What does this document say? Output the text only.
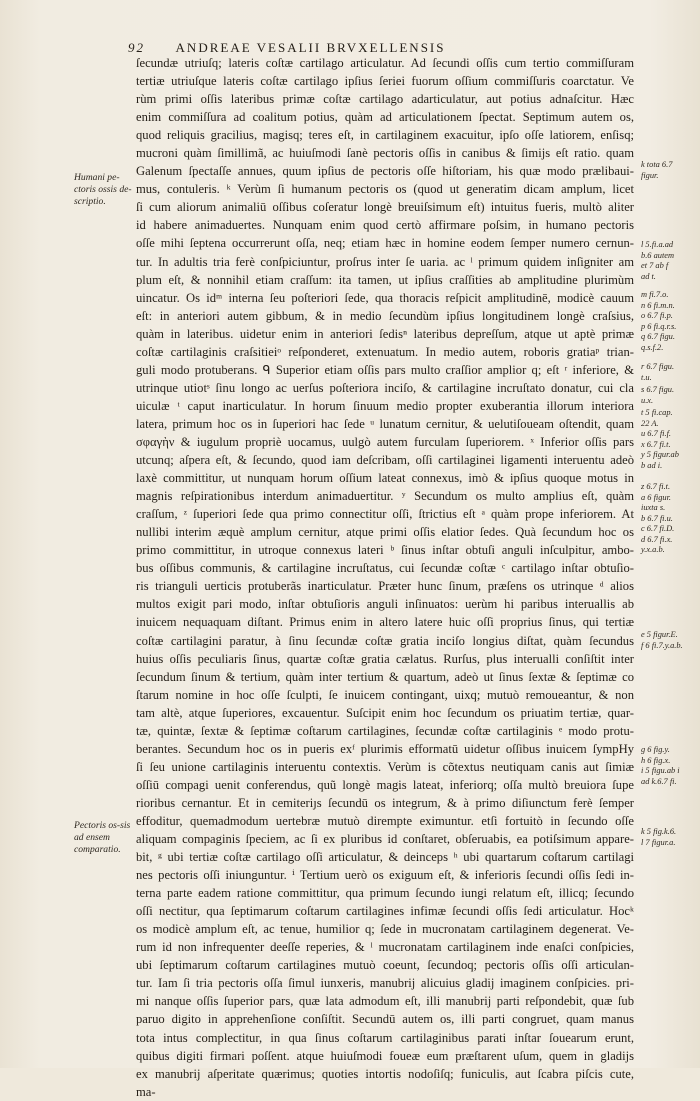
92 ANDREAE VESALII BRVXELLENSIS
Humani pe-ctoris ossis de-scriptio.
Pectoris os-sis ad ensem comparatio.
k tota 6.7
figur.
l 5.fi.a.ad
b.6 autem
et 7 ab f
ad t.
m fi.7.o.
n 6 fi.m.n.
o 6.7 fi.p.
p 6 fi.q.r.s.
q 6.7 figu.
q.s.f.2.
r 6.7 figu.
t.u.
s 6.7 figu.
u.x.
t 5 fi.cap.
22 A.
u 6.7 fi.f.
x 6.7 fi.t.
y 5 figur.ab
b ad i.
z 6.7 fi.t.
a 6 figur.
iuxta s.
b 6.7 fi.u.
c 6.7 fi.D.
d 6.7 fi.x.
y.x.a.b.
e 5 figur.E.
f 6 fi.7.y.a.b.
g 6 fig.y.
h 6 fig.x.
i 5 figu.ab i
ad k.6.7 fi.
k 5 fig.k.6.
l 7 figur.a.
ſecundæ utriuſq; lateris coſtæ cartilago articulatur. Ad ſecundi oſſis cum tertio commiſſuram
tertiæ utriuſque lateris coſtæ cartilago ipſius ſeriei fuorum oſſium commiſſuris coarctatur. Ve
rùm primi oſſis lateribus primæ coſtæ cartilago adarticulatur, aut potius adnaſcitur. Hæc
enim commiſſura ad coalitum potius, quàm ad articulationem ſpectat. Septimum autem os,
quod reliquis gracilius, magisq; teres eſt, in cartilaginem exacuitur, ipſo oſſe latiorem, enſisq;
mucroni quàm ſimillimã, ac huiuſmodi ſanè pectoris oſſis in canibus & ſimijs eſt ratio. quam
Galenum ſpectaſſe annues, quum ipſius de pectoris oſſe hiſtoriam, his quæ modo prælibaui-
mus, contuleris. ᵏ Verùm ſi humanum pectoris os (quod ut generatim dicam amplum, licet
ſi cum aliorum animaliū oſſibus coſeratur longè breuiſsimum eſt) intuitus fueris, multò aliter
id habere animaduertes. Nunquam enim quod certò affirmare poſsim, in humano pectoris
oſſe mihi ſeptena occurrerunt oſſa, neq; etiam hæc in homine eodem ſemper numero cernun-
tur. In adultis tria ferè conſpiciuntur, proſrus inter ſe uaria. ac ˡ primum quidem inſigniter am
plum eſt, & nonnihil etiam craſſum: ita tamen, ut ipſius craſſities ab amplitudine plurimùm
uincatur. Os idᵐ interna ſeu poſteriori ſede, qua thoracis reſpicit amplitudinē, modicè cauum
eſt: in anteriori autem gibbum, & in medio ſecundùm ipſius longitudinem longè craſsius,
quàm in lateribus. uidetur enim in anteriori ſedisⁿ lateribus depreſſum, atque ut aptè primæ
coſtæ cartilaginis craſsitieiᵒ reſponderet, extenuatum. In medio autem, roboris gratiaᵖ trian-
guli modo protuberans. ᑫ Superior etiam oſſis pars multo craſſior amplior q; eſt ʳ inferiore, &
utrinque utiotˢ ſinu longo ac uerſus poſteriora inciſo, & cartilagine incruſtato donatur, cui cla
uiculæ ᵗ caput inarticulatur. In horum ſinuum medio propter exuberantia illorum interiora
latera, primum hoc os in ſuperiori hac ſede ᵘ lunatum cernitur, & uelutiſoueam oſtendit, quam
σφαγὴν & iugulum propriè uocamus, uulgò autem furculam ſuperiorem. ˣ Inferior oſſis pars
utcunq; aſpera eſt, & ſecundo, quod iam deſcribam, oſſi cartilaginei ligamenti interuentu adeò
laxè committitur, ut nunquam horum oſſium lateat connexus, imò & ipſius quoque motus in
magnis reſpirationibus interdum animaduertitur. ʸ Secundum os multo amplius eſt, quàm
craſſum, ᶻ ſuperiori ſede qua primo connectitur oſſi, ſtrictius eſt ᵃ quàm prope inferiorem. At
nullibi interim æquè amplum cernitur, atque primi oſſis elatior ſedes. Quà ſecundum hoc os
primo committitur, in utroque connexus lateri ᵇ ſinus inſtar obtuſi anguli inſculpitur, ambo-
bus oſſibus communis, & cartilagine incruſtatus, cui ſecundæ coſtæ ᶜ cartilago inſtar obtuſio-
ris trianguli uerticis protuberãs inarticulatur. Præter hunc ſinum, præſens os utrinque ᵈ alios
multos exigit pari modo, inſtar obtuſioris anguli inſinuatos: uerùm hi paribus interuallis ab
inuicem nequaquam diſtant. Primus enim in altero latere huic oſſi proprius ſinus, qui tertiæ
coſtæ cartilagini paratur, à ſinu ſecundæ coſtæ gratia inciſo longius diſtat, quàm ſecundus
huius oſſis peculiaris ſinus, quartæ coſtæ gratia cælatus. Rurſus, plus interualli conſiſtit inter
ſecundum ſinum & tertium, quàm inter tertium & quartum, adeò ut ſinus ſextæ & ſeptimæ co
ſtarum nomine in hoc oſſe ſculpti, ſe inuicem contingant, uixq; mutuò remoueantur, & non
tam altè, atque ſuperiores, excauentur. Suſcipit enim hoc ſecundum os priuatim tertiæ, quar-
tæ, quintæ, ſextæ & ſeptimæ coſtarum cartilagines, ſecundæ coſtæ cartilaginis ᵉ modo protu-
berantes. Secundum hoc os in pueris exᶠ plurimis efformatū uidetur oſſibus inuicem ſympHy
ſi ſeu unione cartilaginis interuentu contextis. Verùm is cõtextus neutiquam canis aut ſimiæ
oſſiū compagi uenit conferendus, quũ longè magis lateat, inferiorq; oſſa multò breuiora ſupe
rioribus cernantur. Et in cemiteriȷs ſecundū os integrum, & à primo diſiunctum ferè ſemper
effoditur, quemadmodum uertebræ mutuò dirempte eximuntur. etſi fortuitò in ſecundo oſſe
aliquam compaginis ſpeciem, ac ſi ex pluribus id conſtaret, obſeruabis, ea potiſsimum appare-
bit, ᵍ ubi tertiæ coſtæ cartilago oſſi articulatur, & deinceps ʰ ubi quartarum coſtarum cartilagi
nes pectoris oſſi iniunguntur. ⁱ Tertium uerò os exiguum eſt, & inferioris ſecundi oſſis ſedi in-
terna parte eadem ratione committitur, qua primum ſecundo iungi relatum eſt, illicq; ſecundo
oſſi nectitur, qua ſeptimarum coſtarum cartilagines infimæ ſecundi oſſis ſedi articulatur. Hocᵏ
os modicè amplum eſt, ac tenue, humilior q; ſede in mucronatam cartilaginem degenerat. Ve-
rum id non infrequenter deeſſe reperies, & ˡ mucronatam cartilaginem inde enaſci conſpicies,
ubi ſeptimarum coſtarum cartilagines mutuò coeunt, ſecundoq; pectoris oſſis oſſi articulan-
tur. Iam ſi tria pectoris oſſa ſimul iunxeris, manubrij alicuius gladij imaginem conſpicies. pri-
mi nanque oſſis ſuperior pars, quæ lata admodum eſt, illi manubrij parti reſpondebit, quæ ſub
paruo digito in apprehenſione conſiſtit. Secundū autem os, illi parti congruet, quam manus
tota intus complectitur, in qua ſinus coſtarum cartilaginibus parati inſtar ſouearum erunt,
quibus digiti firmari poſſent. atque huiuſmodi foueæ eum præſtarent uſum, quem in gladijs
ex manubrij aſperitate quærimus; quoties intortis nodoſiſq; funiculis, aut ſcabra piſcis cute,
ma-
